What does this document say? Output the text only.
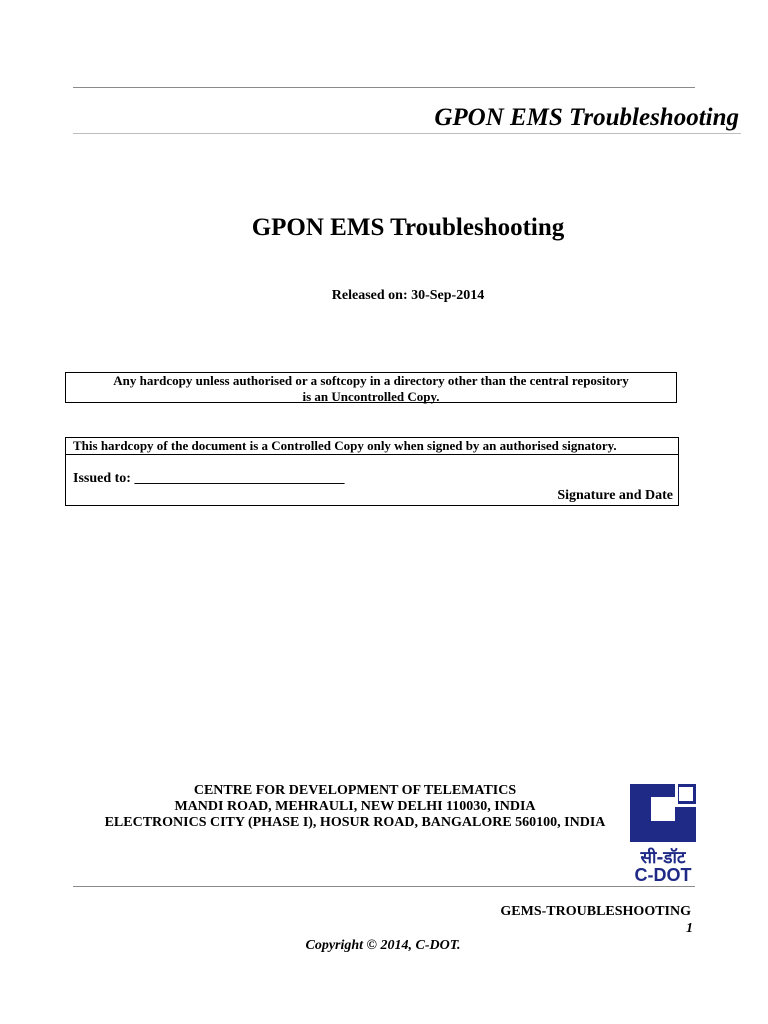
GPON EMS Troubleshooting
GPON EMS Troubleshooting
Released on: 30-Sep-2014
Any hardcopy unless authorised or a softcopy in a directory other than the central repository
is an Uncontrolled Copy.
This hardcopy of the document is a Controlled Copy only when signed by an authorised signatory.
Issued to: ______________________________
Signature and Date
CENTRE FOR DEVELOPMENT OF TELEMATICS
MANDI ROAD, MEHRAULI, NEW DELHI 110030, INDIA
ELECTRONICS CITY (PHASE I), HOSUR ROAD, BANGALORE 560100, INDIA
सी-डॉट
C-DOT
GEMS-TROUBLESHOOTING
1
Copyright © 2014, C-DOT.
